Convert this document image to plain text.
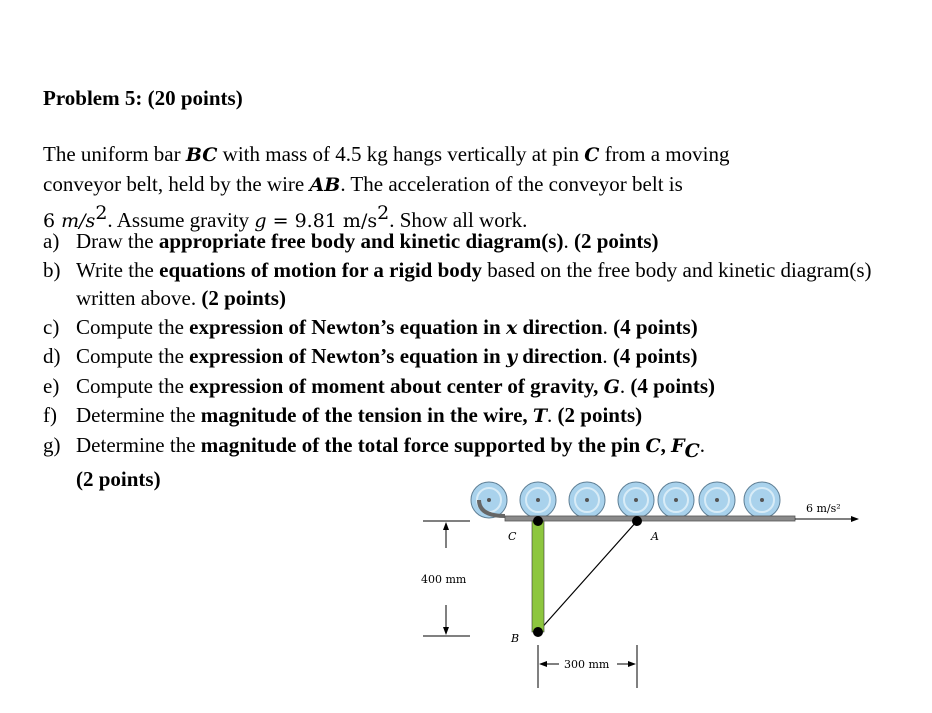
Problem 5: (20 points)

The uniform bar BC with mass of 4.5 kg hangs vertically at pin C from a moving

conveyor belt, held by the wire AB. The acceleration of the conveyor belt is

6 $m/s^2$. Assume gravity g = 9.81 $m/s^2$. Show all work.

a) Draw the appropriate free body and kinetic diagram(s). (2 points)
b) Write the equations of motion for a rigid body based on the free body and kinetic diagram(s) written above. (2 points)
c) Compute the expression of Newton’s equation in x direction. (4 points)
d) Compute the expression of Newton’s equation in y direction. (4 points)
e) Compute the expression of moment about center of gravity, G. (4 points)
f) Determine the magnitude of the tension in the wire, T. (2 points)
g) Determine the magnitude of the total force supported by the pin C, $F_C$.
(2 points)
6 m/s²
C	A
B
400 mm
300 mm
